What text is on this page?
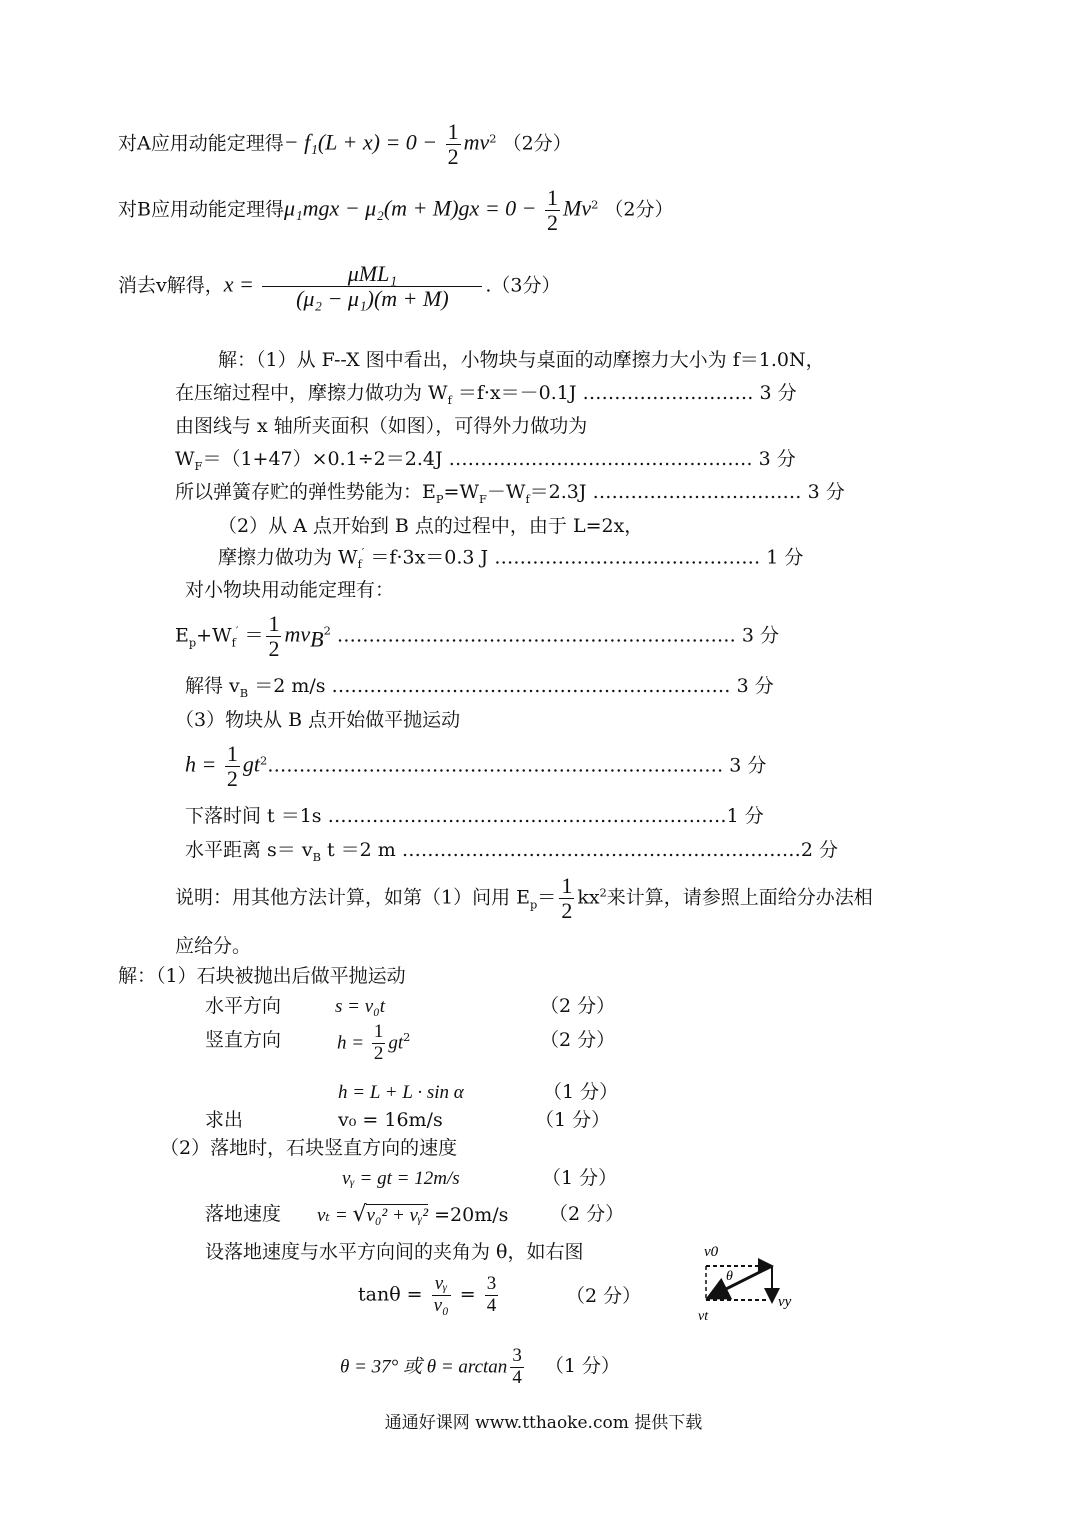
对A应用动能定理得− $f_1(L + x) = 0 - \frac{1}{2} mv^2$ （2分）
对B应用动能定理得$\mu_1mgx - \mu_2(m + M)gx = 0 - \frac{1}{2} Mv^2$ （2分）
消去v解得，$x = \frac{\text{μML₁}}{\text{(μ₂ − μ₁)(m + M)}} .(3$分）
解：（1）从 F--X 图中看出，小物块与桌面的动摩擦力大小为 f＝1.0N，
在压缩过程中，摩擦力做功为 $W_f =f\cdot x=-0.1J$ ……………………… 3 分
由图线与 x 轴所夹面积（如图），可得外力做功为
$W_F=(1+47)\times 0.1\div 2=2.4J$ ………………………………………… 3 分
所以弹簧存贮的弹性势能为：$E_P=W_F-W_f=2.3J$ …………………………… 3 分
（2）从 A 点开始到 B 点的过程中，由于 L=2x，
摩擦力做功为 $W_f' =f\cdot 3x=0.3$ J …………………………………… 1 分
对小物块用动能定理有：
$E_p+W_f' = \frac{1}{2} mv_B^2$ ……………………………………………………… 3 分
解得 $v_B =2$ m/s ……………………………………………………… 3 分
（3）物块从 B 点开始做平抛运动
$h = \frac{1}{2}$ $gt^2\dots\dots\dots\dots\dots\dots\dots\dots\dots\dots\dots\dots\dots\dots\dots\dots\dots\dots\dots\dots\dots\dots\dots\dots$ 3 分
下落时间 t ＝1s ………………………………………………………1 分
水平距离 $s= v_B$ t ＝2 m ………………………………………………………2 分
说明：用其他方法计算，如第（1）问用 $E_p= \frac{1}{2} kx^2$来计算，请参照上面给分办法相
应给分。
解：（1）石块被抛出后做平抛运动
水平方向	s = v₀t	（2 分）
竖直方向	$h = \frac{1}{2} gt^2$	（2 分）
h = L + L · sin α	（1 分）
求出	v₀ = 16m/s	（1 分）
（2）落地时，石块竖直方向的速度
vᵧ = gt = 12m/s	（1 分）
落地速度 vₜ = √v₀² + vᵧ² =20m/s （2 分）
设落地速度与水平方向间的夹角为 θ，如右图
$\tan\theta = \frac{\text{vᵧ}}{\text{v₀}} = \frac{3}{4}$	（2 分）
θ = 37° 或 $\theta = \arctan \frac{3}{4} (1$ 分）
v0
θ
vt
vy
通通好课网 www.tthaoke.com 提供下载
